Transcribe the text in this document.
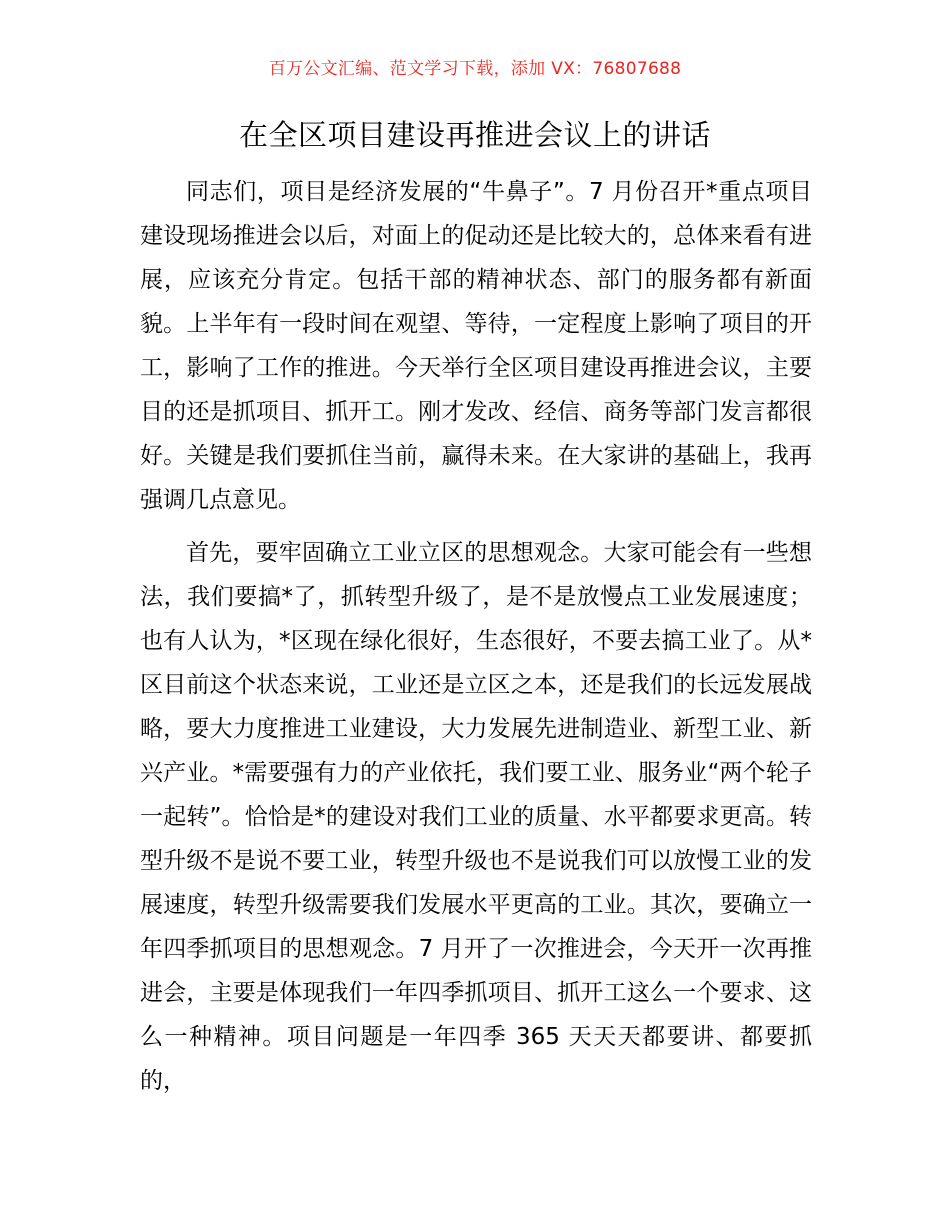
百万公文汇编、范文学习下载，添加 VX：76807688
在全区项目建设再推进会议上的讲话

同志们，项目是经济发展的“牛鼻子”。7 月份召开*重点项目建设现场推进会以后，对面上的促动还是比较大的，总体来看有进展，应该充分肯定。包括干部的精神状态、部门的服务都有新面貌。上半年有一段时间在观望、等待，一定程度上影响了项目的开工，影响了工作的推进。今天举行全区项目建设再推进会议，主要目的还是抓项目、抓开工。刚才发改、经信、商务等部门发言都很好。关键是我们要抓住当前，赢得未来。在大家讲的基础上，我再强调几点意见。

首先，要牢固确立工业立区的思想观念。大家可能会有一些想法，我们要搞*了，抓转型升级了，是不是放慢点工业发展速度；也有人认为，*区现在绿化很好，生态很好，不要去搞工业了。从*区目前这个状态来说，工业还是立区之本，还是我们的长远发展战略，要大力度推进工业建设，大力发展先进制造业、新型工业、新兴产业。*需要强有力的产业依托，我们要工业、服务业“两个轮子一起转”。恰恰是*的建设对我们工业的质量、水平都要求更高。转型升级不是说不要工业，转型升级也不是说我们可以放慢工业的发展速度，转型升级需要我们发展水平更高的工业。其次，要确立一年四季抓项目的思想观念。7 月开了一次推进会，今天开一次再推进会，主要是体现我们一年四季抓项目、抓开工这么一个要求、这么一种精神。项目问题是一年四季 365 天天天都要讲、都要抓的，
